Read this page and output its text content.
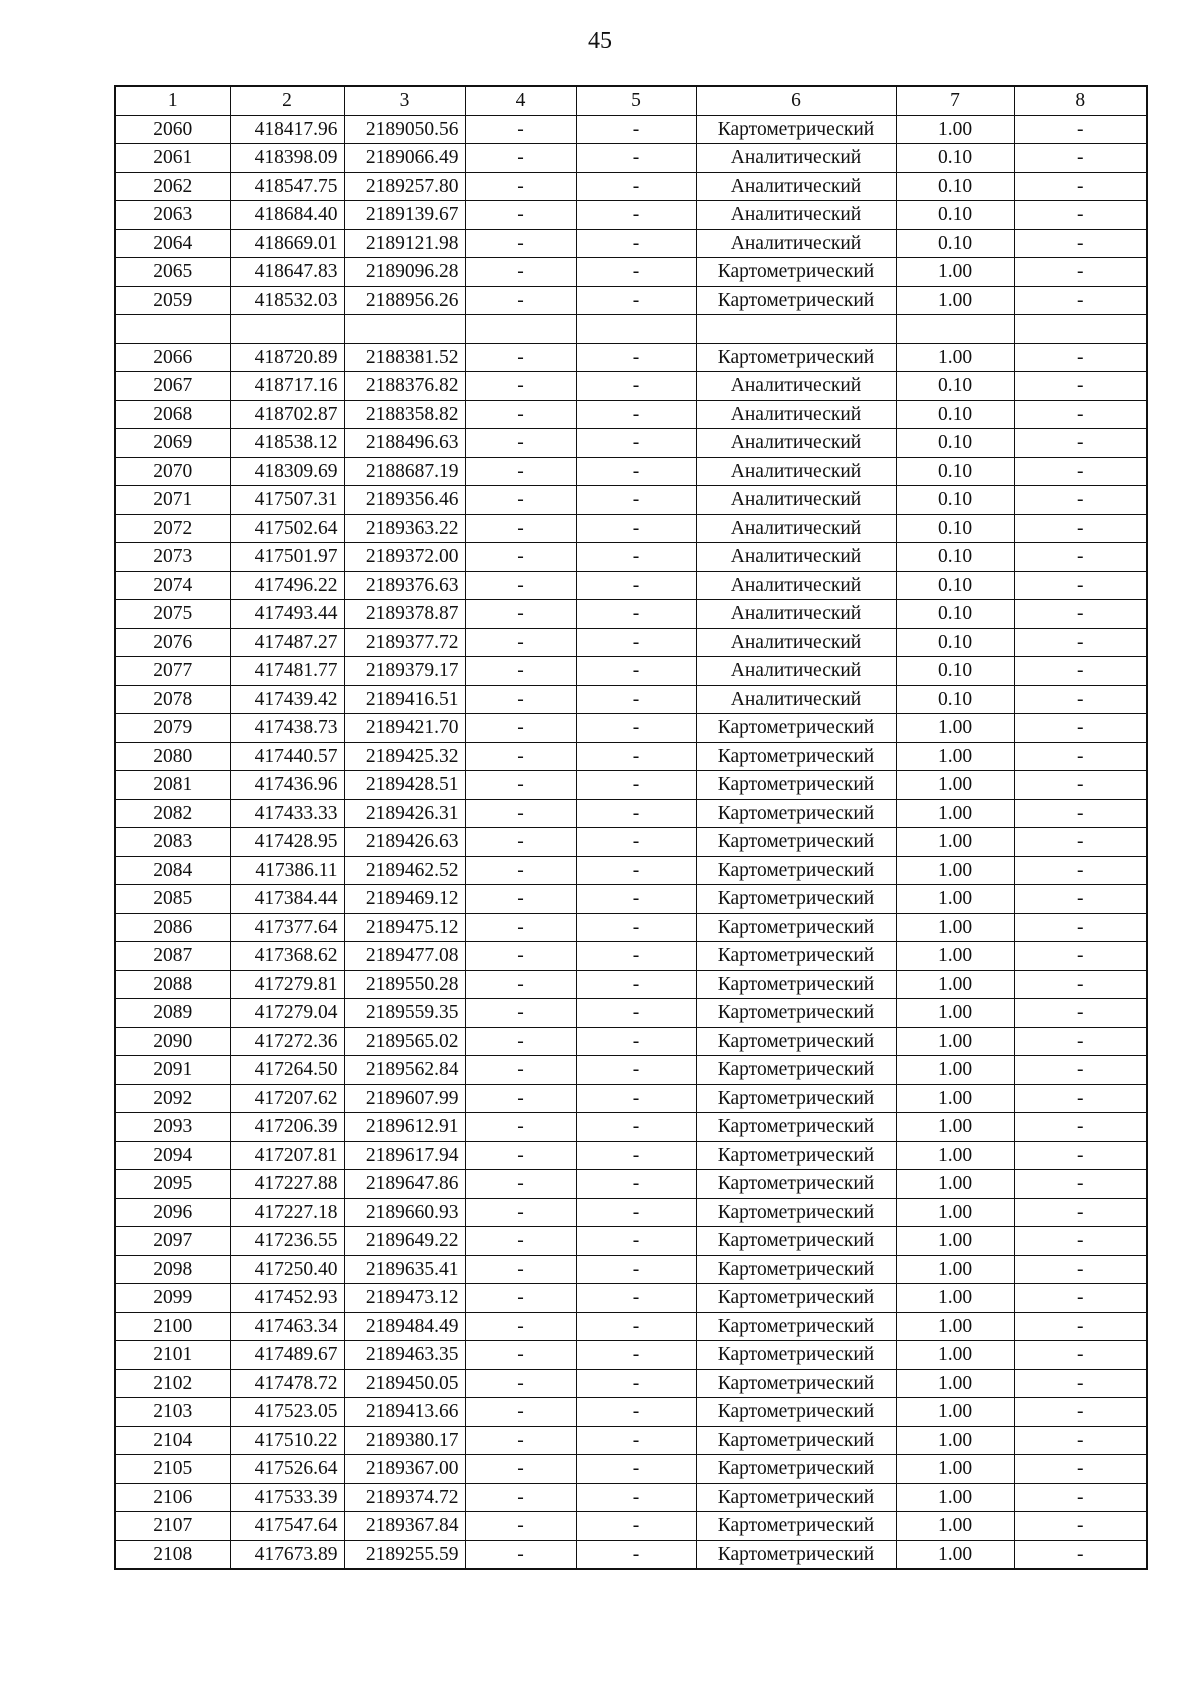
45
1	2	3	4	5	6	7	8
2060	418417.96	2189050.56	-	-	Картометрический	1.00	-
2061	418398.09	2189066.49	-	-	Аналитический	0.10	-
2062	418547.75	2189257.80	-	-	Аналитический	0.10	-
2063	418684.40	2189139.67	-	-	Аналитический	0.10	-
2064	418669.01	2189121.98	-	-	Аналитический	0.10	-
2065	418647.83	2189096.28	-	-	Картометрический	1.00	-
2059	418532.03	2188956.26	-	-	Картометрический	1.00	-

2066	418720.89	2188381.52	-	-	Картометрический	1.00	-
2067	418717.16	2188376.82	-	-	Аналитический	0.10	-
2068	418702.87	2188358.82	-	-	Аналитический	0.10	-
2069	418538.12	2188496.63	-	-	Аналитический	0.10	-
2070	418309.69	2188687.19	-	-	Аналитический	0.10	-
2071	417507.31	2189356.46	-	-	Аналитический	0.10	-
2072	417502.64	2189363.22	-	-	Аналитический	0.10	-
2073	417501.97	2189372.00	-	-	Аналитический	0.10	-
2074	417496.22	2189376.63	-	-	Аналитический	0.10	-
2075	417493.44	2189378.87	-	-	Аналитический	0.10	-
2076	417487.27	2189377.72	-	-	Аналитический	0.10	-
2077	417481.77	2189379.17	-	-	Аналитический	0.10	-
2078	417439.42	2189416.51	-	-	Аналитический	0.10	-
2079	417438.73	2189421.70	-	-	Картометрический	1.00	-
2080	417440.57	2189425.32	-	-	Картометрический	1.00	-
2081	417436.96	2189428.51	-	-	Картометрический	1.00	-
2082	417433.33	2189426.31	-	-	Картометрический	1.00	-
2083	417428.95	2189426.63	-	-	Картометрический	1.00	-
2084	417386.11	2189462.52	-	-	Картометрический	1.00	-
2085	417384.44	2189469.12	-	-	Картометрический	1.00	-
2086	417377.64	2189475.12	-	-	Картометрический	1.00	-
2087	417368.62	2189477.08	-	-	Картометрический	1.00	-
2088	417279.81	2189550.28	-	-	Картометрический	1.00	-
2089	417279.04	2189559.35	-	-	Картометрический	1.00	-
2090	417272.36	2189565.02	-	-	Картометрический	1.00	-
2091	417264.50	2189562.84	-	-	Картометрический	1.00	-
2092	417207.62	2189607.99	-	-	Картометрический	1.00	-
2093	417206.39	2189612.91	-	-	Картометрический	1.00	-
2094	417207.81	2189617.94	-	-	Картометрический	1.00	-
2095	417227.88	2189647.86	-	-	Картометрический	1.00	-
2096	417227.18	2189660.93	-	-	Картометрический	1.00	-
2097	417236.55	2189649.22	-	-	Картометрический	1.00	-
2098	417250.40	2189635.41	-	-	Картометрический	1.00	-
2099	417452.93	2189473.12	-	-	Картометрический	1.00	-
2100	417463.34	2189484.49	-	-	Картометрический	1.00	-
2101	417489.67	2189463.35	-	-	Картометрический	1.00	-
2102	417478.72	2189450.05	-	-	Картометрический	1.00	-
2103	417523.05	2189413.66	-	-	Картометрический	1.00	-
2104	417510.22	2189380.17	-	-	Картометрический	1.00	-
2105	417526.64	2189367.00	-	-	Картометрический	1.00	-
2106	417533.39	2189374.72	-	-	Картометрический	1.00	-
2107	417547.64	2189367.84	-	-	Картометрический	1.00	-
2108	417673.89	2189255.59	-	-	Картометрический	1.00	-
